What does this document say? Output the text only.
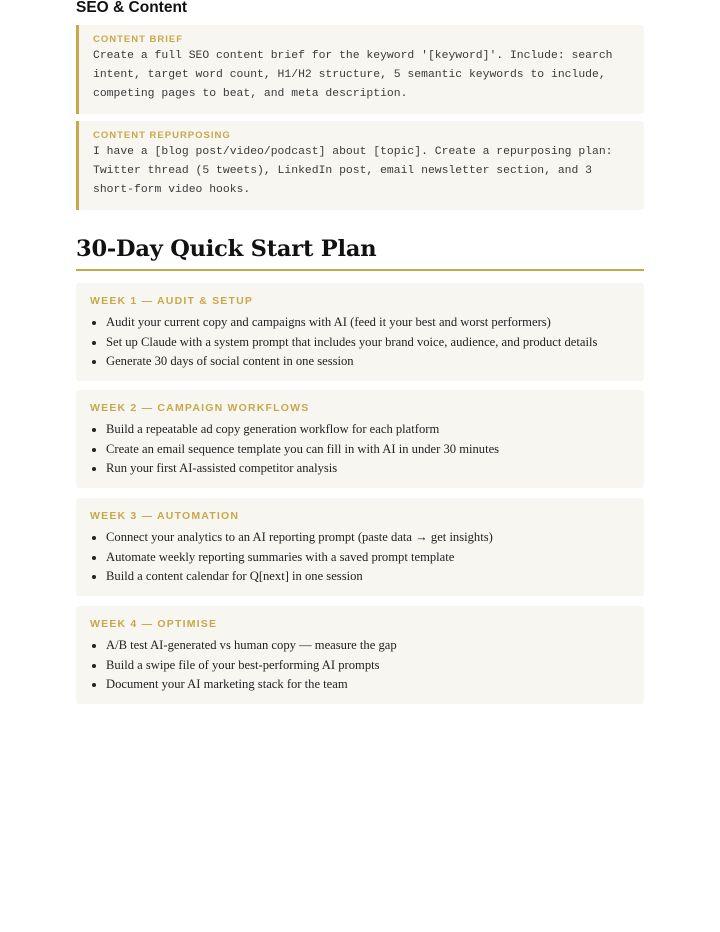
SEO & Content
CONTENT BRIEF
Create a full SEO content brief for the keyword '[keyword]'. Include: search intent, target word count, H1/H2 structure, 5 semantic keywords to include, competing pages to beat, and meta description.
CONTENT REPURPOSING
I have a [blog post/video/podcast] about [topic]. Create a repurposing plan: Twitter thread (5 tweets), LinkedIn post, email newsletter section, and 3 short-form video hooks.
30-Day Quick Start Plan
WEEK 1 — AUDIT & SETUP
Audit your current copy and campaigns with AI (feed it your best and worst performers)
Set up Claude with a system prompt that includes your brand voice, audience, and product details
Generate 30 days of social content in one session
WEEK 2 — CAMPAIGN WORKFLOWS
Build a repeatable ad copy generation workflow for each platform
Create an email sequence template you can fill in with AI in under 30 minutes
Run your first AI-assisted competitor analysis
WEEK 3 — AUTOMATION
Connect your analytics to an AI reporting prompt (paste data → get insights)
Automate weekly reporting summaries with a saved prompt template
Build a content calendar for Q[next] in one session
WEEK 4 — OPTIMISE
A/B test AI-generated vs human copy — measure the gap
Build a swipe file of your best-performing AI prompts
Document your AI marketing stack for the team
